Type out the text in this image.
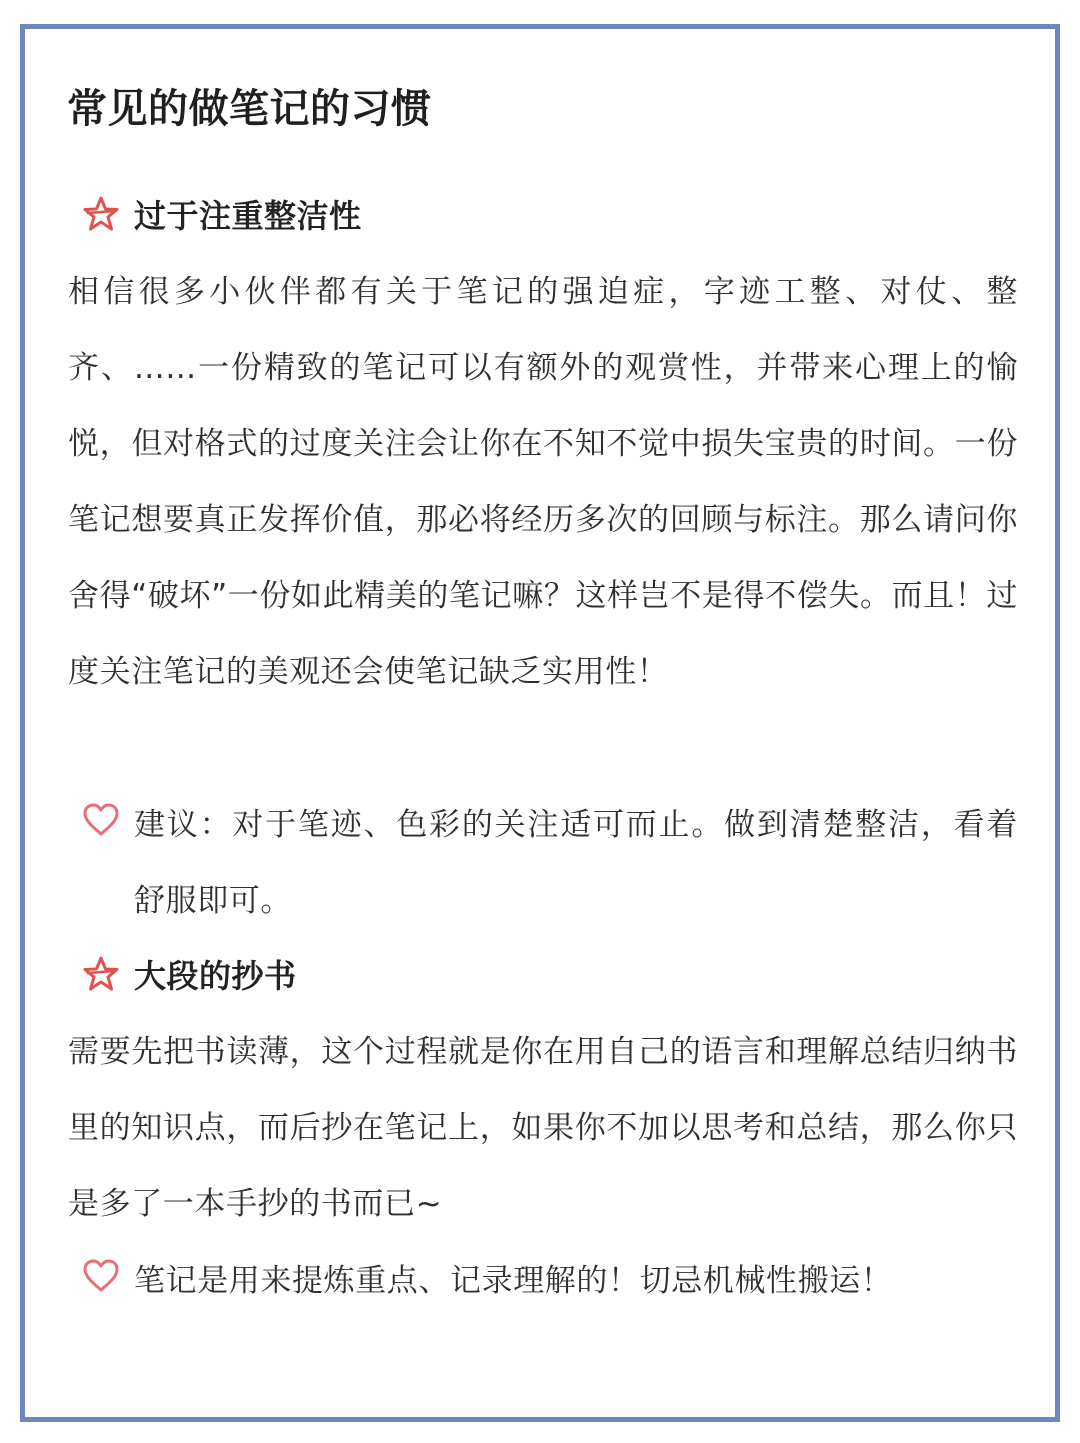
常见的做笔记的习惯
过于注重整洁性
相信很多小伙伴都有关于笔记的强迫症，字迹工整、对仗、整齐、……一份精致的笔记可以有额外的观赏性，并带来心理上的愉悦，但对格式的过度关注会让你在不知不觉中损失宝贵的时间。一份笔记想要真正发挥价值，那必将经历多次的回顾与标注。那么请问你舍得“破坏”一份如此精美的笔记嘛？这样岂不是得不偿失。而且！过度关注笔记的美观还会使笔记缺乏实用性！
建议：对于笔迹、色彩的关注适可而止。做到清楚整洁，看着舒服即可。
大段的抄书
需要先把书读薄，这个过程就是你在用自己的语言和理解总结归纳书里的知识点，而后抄在笔记上，如果你不加以思考和总结，那么你只是多了一本手抄的书而已~
笔记是用来提炼重点、记录理解的！切忌机械性搬运！
